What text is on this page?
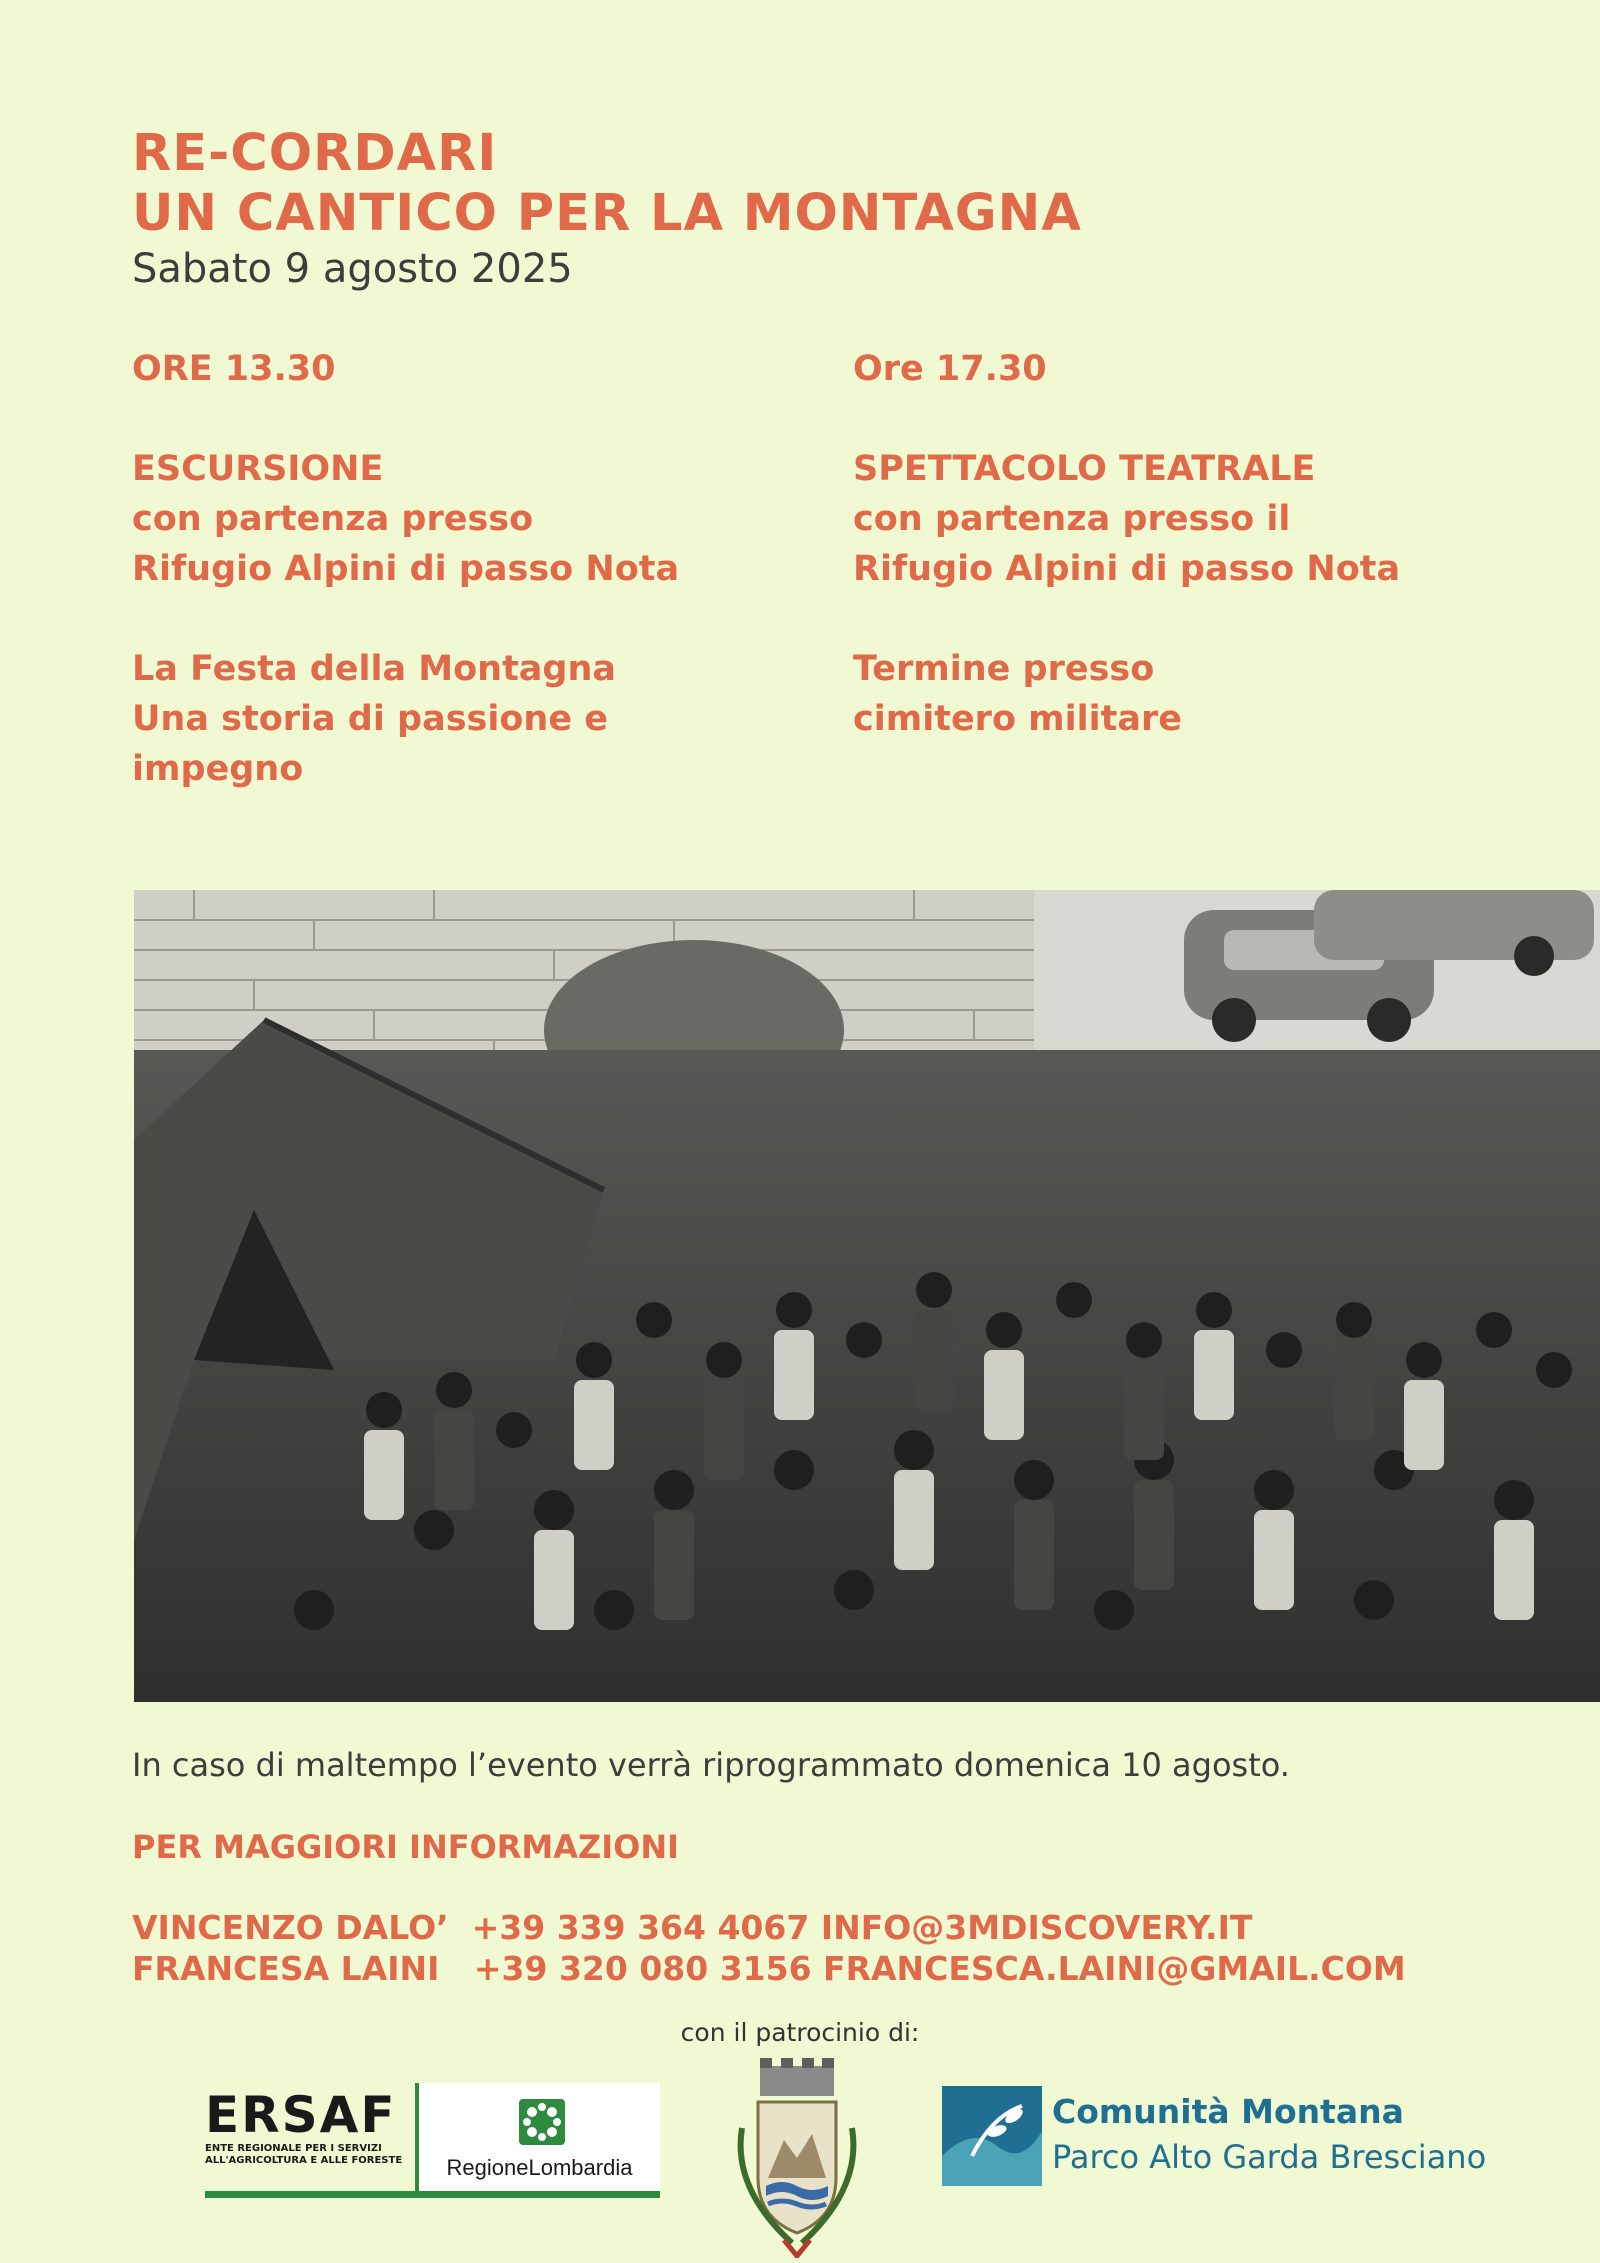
RE-CORDARI
UN CANTICO PER LA MONTAGNA
Sabato 9 agosto 2025

ORE 13.30

ESCURSIONE

con partenza presso

Rifugio Alpini di passo Nota

La Festa della Montagna

Una storia di passione e

impegno

Ore 17.30

SPETTACOLO TEATRALE

con partenza presso il

Rifugio Alpini di passo Nota

Termine presso

cimitero militare

In caso di maltempo l’evento verrà riprogrammato domenica 10 agosto.
PER MAGGIORI INFORMAZIONI
VINCENZO DALO’ +39 339 364 4067 INFO@3MDISCOVERY.IT
FRANCESA LAINI +39 320 080 3156 FRANCESCA.LAINI@GMAIL.COM
con il patrocinio di:
ERSAF
ENTE REGIONALE PER I SERVIZI
ALL'AGRICOLTURA E ALLE FORESTE	RegioneLombardia
Comunità Montana
Parco Alto Garda Bresciano
